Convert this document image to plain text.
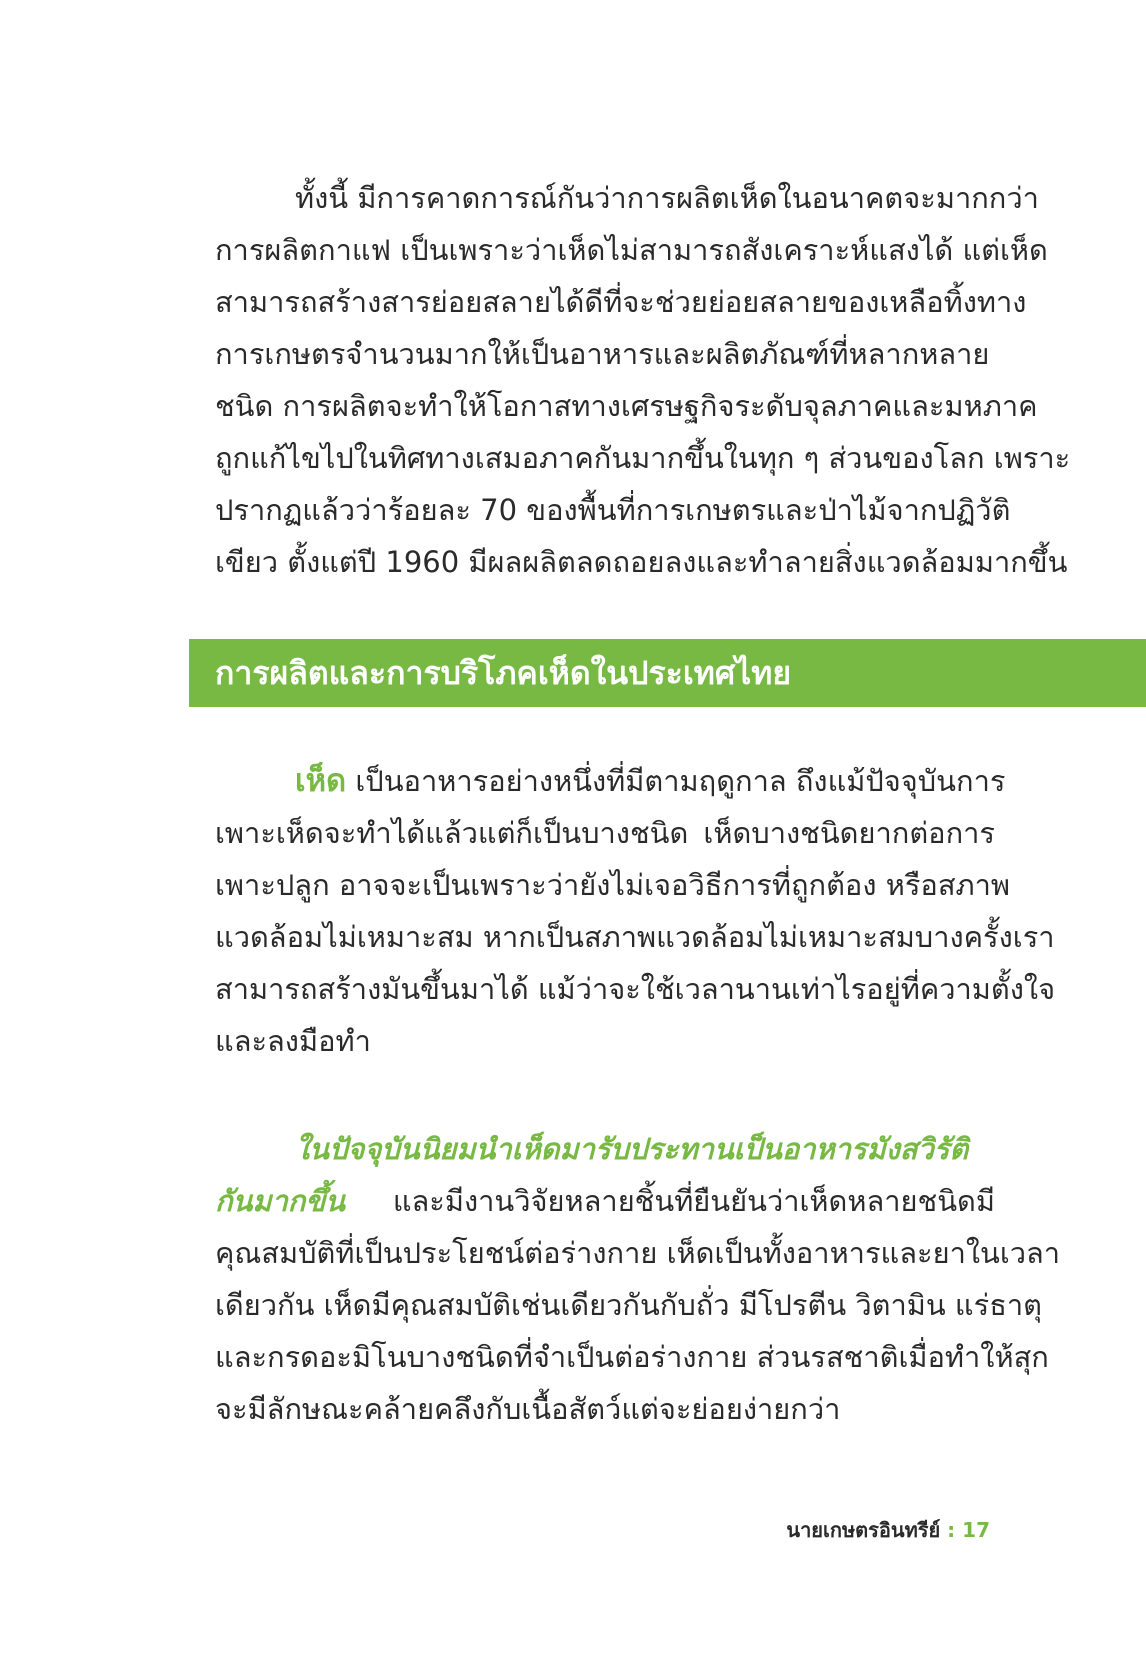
ทั้งนี้ มีการคาดการณ์กันว่าการผลิตเห็ดในอนาคตจะมากกว่า
การผลิตกาแฟ เป็นเพราะว่าเห็ดไม่สามารถสังเคราะห์แสงได้ แต่เห็ด
สามารถสร้างสารย่อยสลายได้ดีที่จะช่วยย่อยสลายของเหลือทิ้งทาง
การเกษตรจำนวนมากให้เป็นอาหารและผลิตภัณฑ์ที่หลากหลาย
ชนิด การผลิตจะทำให้โอกาสทางเศรษฐกิจระดับจุลภาคและมหภาค
ถูกแก้ไขไปในทิศทางเสมอภาคกันมากขึ้นในทุก ๆ ส่วนของโลก เพราะ
ปรากฏแล้วว่าร้อยละ 70 ของพื้นที่การเกษตรและป่าไม้จากปฏิวัติ
เขียว ตั้งแต่ปี 1960 มีผลผลิตลดถอยลงและทำลายสิ่งแวดล้อมมากขึ้น
การผลิตและการบริโภคเห็ดในประเทศไทย
เห็ด เป็นอาหารอย่างหนึ่งที่มีตามฤดูกาล ถึงแม้ปัจจุบันการ
เพาะเห็ดจะทำได้แล้วแต่ก็เป็นบางชนิด เห็ดบางชนิดยากต่อการ
เพาะปลูก อาจจะเป็นเพราะว่ายังไม่เจอวิธีการที่ถูกต้อง หรือสภาพ
แวดล้อมไม่เหมาะสม หากเป็นสภาพแวดล้อมไม่เหมาะสมบางครั้งเรา
สามารถสร้างมันขึ้นมาได้ แม้ว่าจะใช้เวลานานเท่าไรอยู่ที่ความตั้งใจ
และลงมือทำ
ในปัจจุบันนิยมนำเห็ดมารับประทานเป็นอาหารมังสวิรัติ
กันมากขึ้น และมีงานวิจัยหลายชิ้นที่ยืนยันว่าเห็ดหลายชนิดมี
คุณสมบัติที่เป็นประโยชน์ต่อร่างกาย เห็ดเป็นทั้งอาหารและยาในเวลา
เดียวกัน เห็ดมีคุณสมบัติเช่นเดียวกันกับถั่ว มีโปรตีน วิตามิน แร่ธาตุ
และกรดอะมิโนบางชนิดที่จำเป็นต่อร่างกาย ส่วนรสชาติเมื่อทำให้สุก
จะมีลักษณะคล้ายคลึงกับเนื้อสัตว์แต่จะย่อยง่ายกว่า
นายเกษตรอินทรีย์ : 17
